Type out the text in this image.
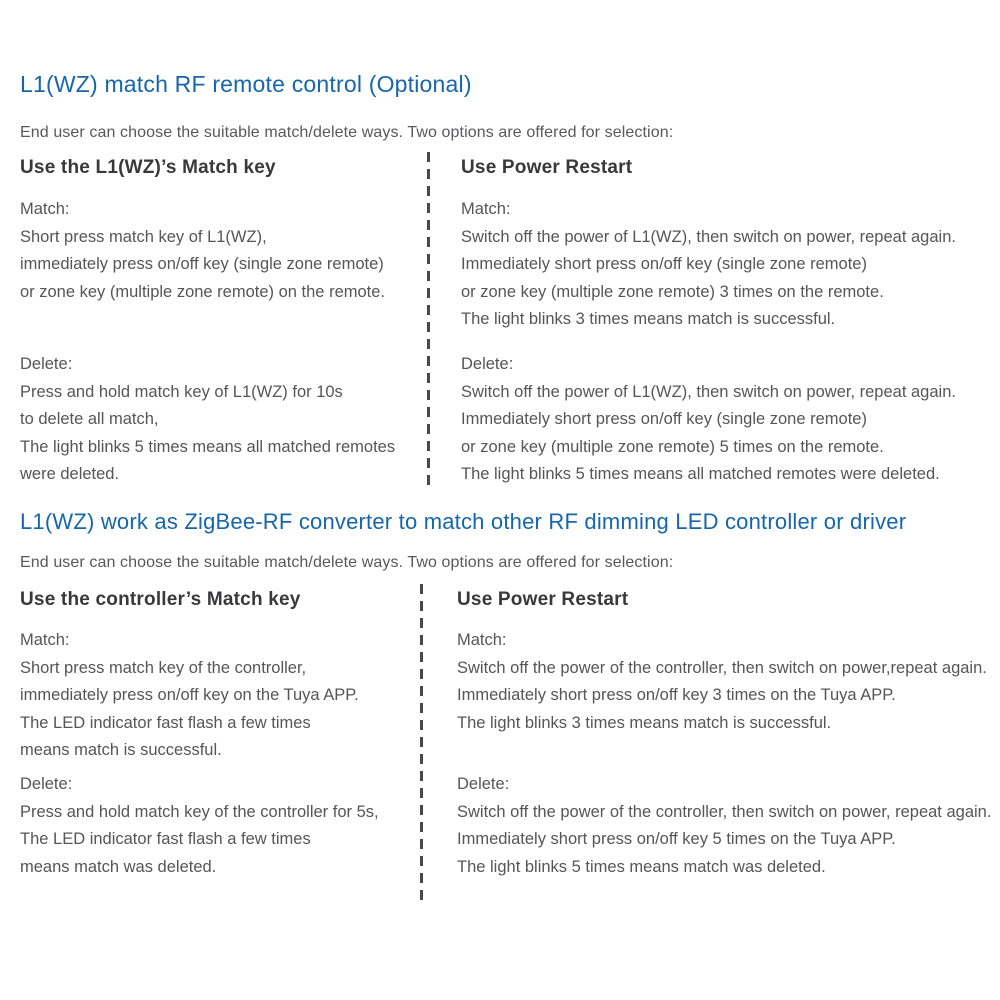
L1(WZ) match RF remote control (Optional)
End user can choose the suitable match/delete ways. Two options are offered for selection:
Use the L1(WZ)’s Match key	Use Power Restart
Match:
Short press match key of L1(WZ),
immediately press on/off key (single zone remote)
or zone key (multiple zone remote) on the remote.
Delete:
Press and hold match key of L1(WZ) for 10s
to delete all match,
The light blinks 5 times means all matched remotes
were deleted.
Match:
Switch off the power of L1(WZ), then switch on power, repeat again.
Immediately short press on/off key (single zone remote)
or zone key (multiple zone remote) 3 times on the remote.
The light blinks 3 times means match is successful.
Delete:
Switch off the power of L1(WZ), then switch on power, repeat again.
Immediately short press on/off key (single zone remote)
or zone key (multiple zone remote) 5 times on the remote.
The light blinks 5 times means all matched remotes were deleted.
L1(WZ) work as ZigBee-RF converter to match other RF dimming LED controller or driver
End user can choose the suitable match/delete ways. Two options are offered for selection:
Use the controller’s Match key	Use Power Restart
Match:
Short press match key of the controller,
immediately press on/off key on the Tuya APP.
The LED indicator fast flash a few times
means match is successful.
Delete:
Press and hold match key of the controller for 5s,
The LED indicator fast flash a few times
means match was deleted.
Match:
Switch off the power of the controller, then switch on power,repeat again.
Immediately short press on/off key 3 times on the Tuya APP.
The light blinks 3 times means match is successful.
Delete:
Switch off the power of the controller, then switch on power, repeat again.
Immediately short press on/off key 5 times on the Tuya APP.
The light blinks 5 times means match was deleted.
